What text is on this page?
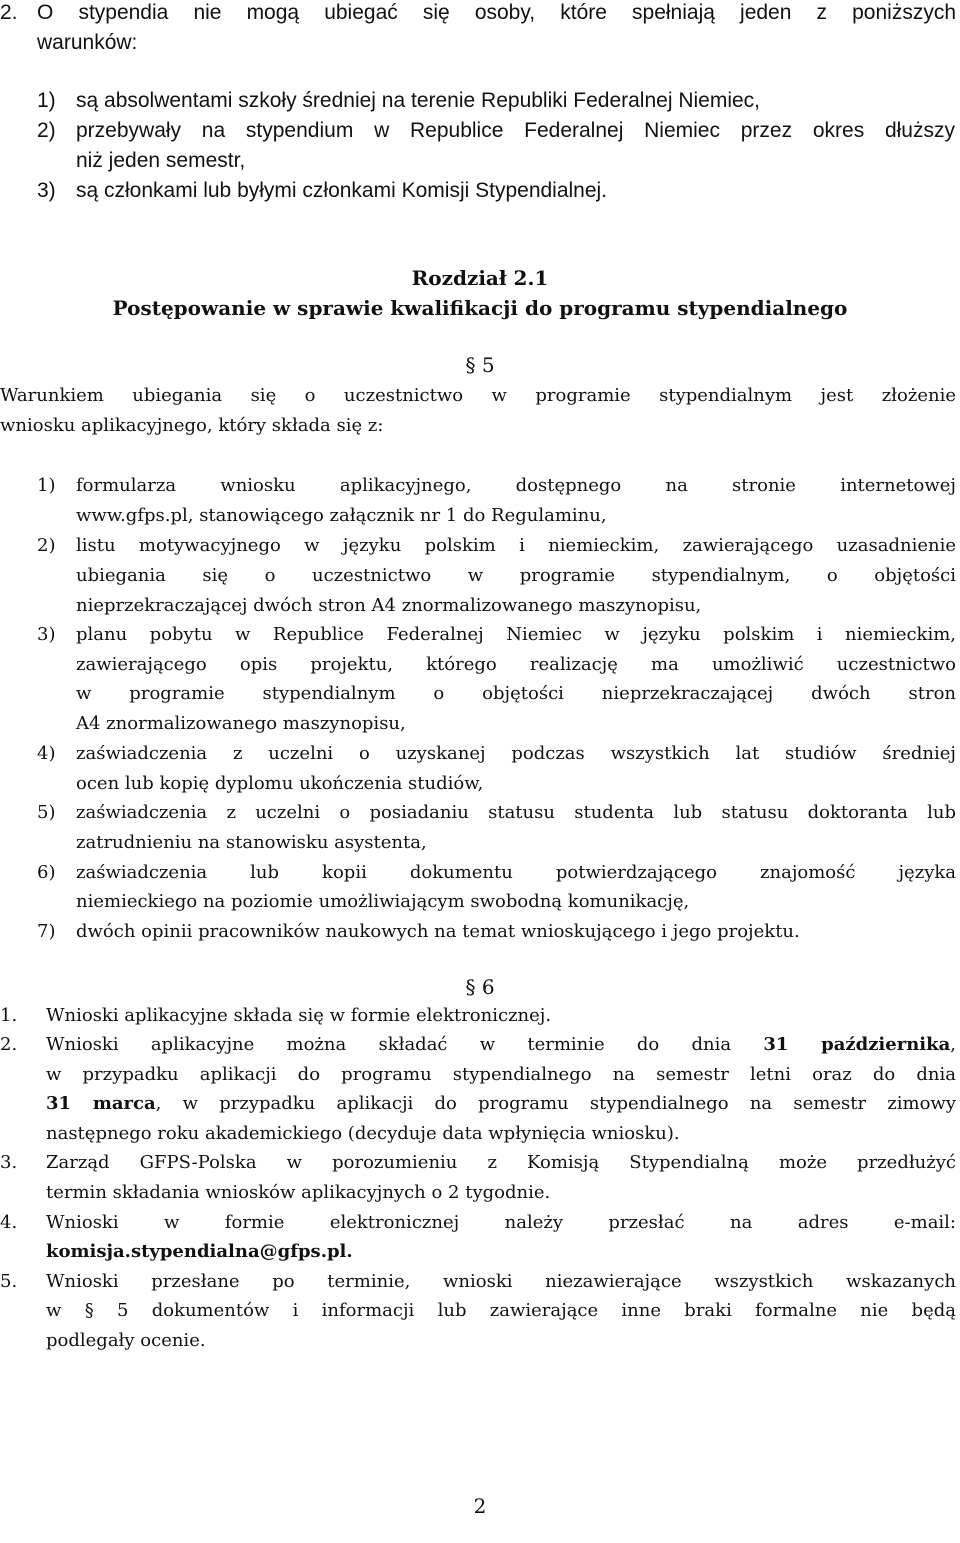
2. O stypendia nie mogą ubiegać się osoby, które spełniają jeden z poniższych
warunków:
1) są absolwentami szkoły średniej na terenie Republiki Federalnej Niemiec,
2) przebywały na stypendium w Republice Federalnej Niemiec przez okres dłuższy
niż jeden semestr,
3) są członkami lub byłymi członkami Komisji Stypendialnej.
Rozdział 2.1
Postępowanie w sprawie kwalifikacji do programu stypendialnego
§ 5
Warunkiem ubiegania się o uczestnictwo w programie stypendialnym jest złożenie
wniosku aplikacyjnego, który składa się z:
1) formularza wniosku aplikacyjnego, dostępnego na stronie internetowej
www.gfps.pl, stanowiącego załącznik nr 1 do Regulaminu,
2) listu motywacyjnego w języku polskim i niemieckim, zawierającego uzasadnienie
ubiegania się o uczestnictwo w programie stypendialnym, o objętości
nieprzekraczającej dwóch stron A4 znormalizowanego maszynopisu,
3) planu pobytu w Republice Federalnej Niemiec w języku polskim i niemieckim,
zawierającego opis projektu, którego realizację ma umożliwić uczestnictwo
w programie stypendialnym o objętości nieprzekraczającej dwóch stron
A4 znormalizowanego maszynopisu,
4) zaświadczenia z uczelni o uzyskanej podczas wszystkich lat studiów średniej
ocen lub kopię dyplomu ukończenia studiów,
5) zaświadczenia z uczelni o posiadaniu statusu studenta lub statusu doktoranta lub
zatrudnieniu na stanowisku asystenta,
6) zaświadczenia lub kopii dokumentu potwierdzającego znajomość języka
niemieckiego na poziomie umożliwiającym swobodną komunikację,
7) dwóch opinii pracowników naukowych na temat wnioskującego i jego projektu.
§ 6
1. Wnioski aplikacyjne składa się w formie elektronicznej.
2. Wnioski aplikacyjne można składać w terminie do dnia 31 października,
w przypadku aplikacji do programu stypendialnego na semestr letni oraz do dnia
31 marca, w przypadku aplikacji do programu stypendialnego na semestr zimowy
następnego roku akademickiego (decyduje data wpłynięcia wniosku).
3. Zarząd GFPS-Polska w porozumieniu z Komisją Stypendialną może przedłużyć
termin składania wniosków aplikacyjnych o 2 tygodnie.
4. Wnioski w formie elektronicznej należy przesłać na adres e-mail:
komisja.stypendialna@gfps.pl.
5. Wnioski przesłane po terminie, wnioski niezawierające wszystkich wskazanych
w § 5 dokumentów i informacji lub zawierające inne braki formalne nie będą
podlegały ocenie.
2
